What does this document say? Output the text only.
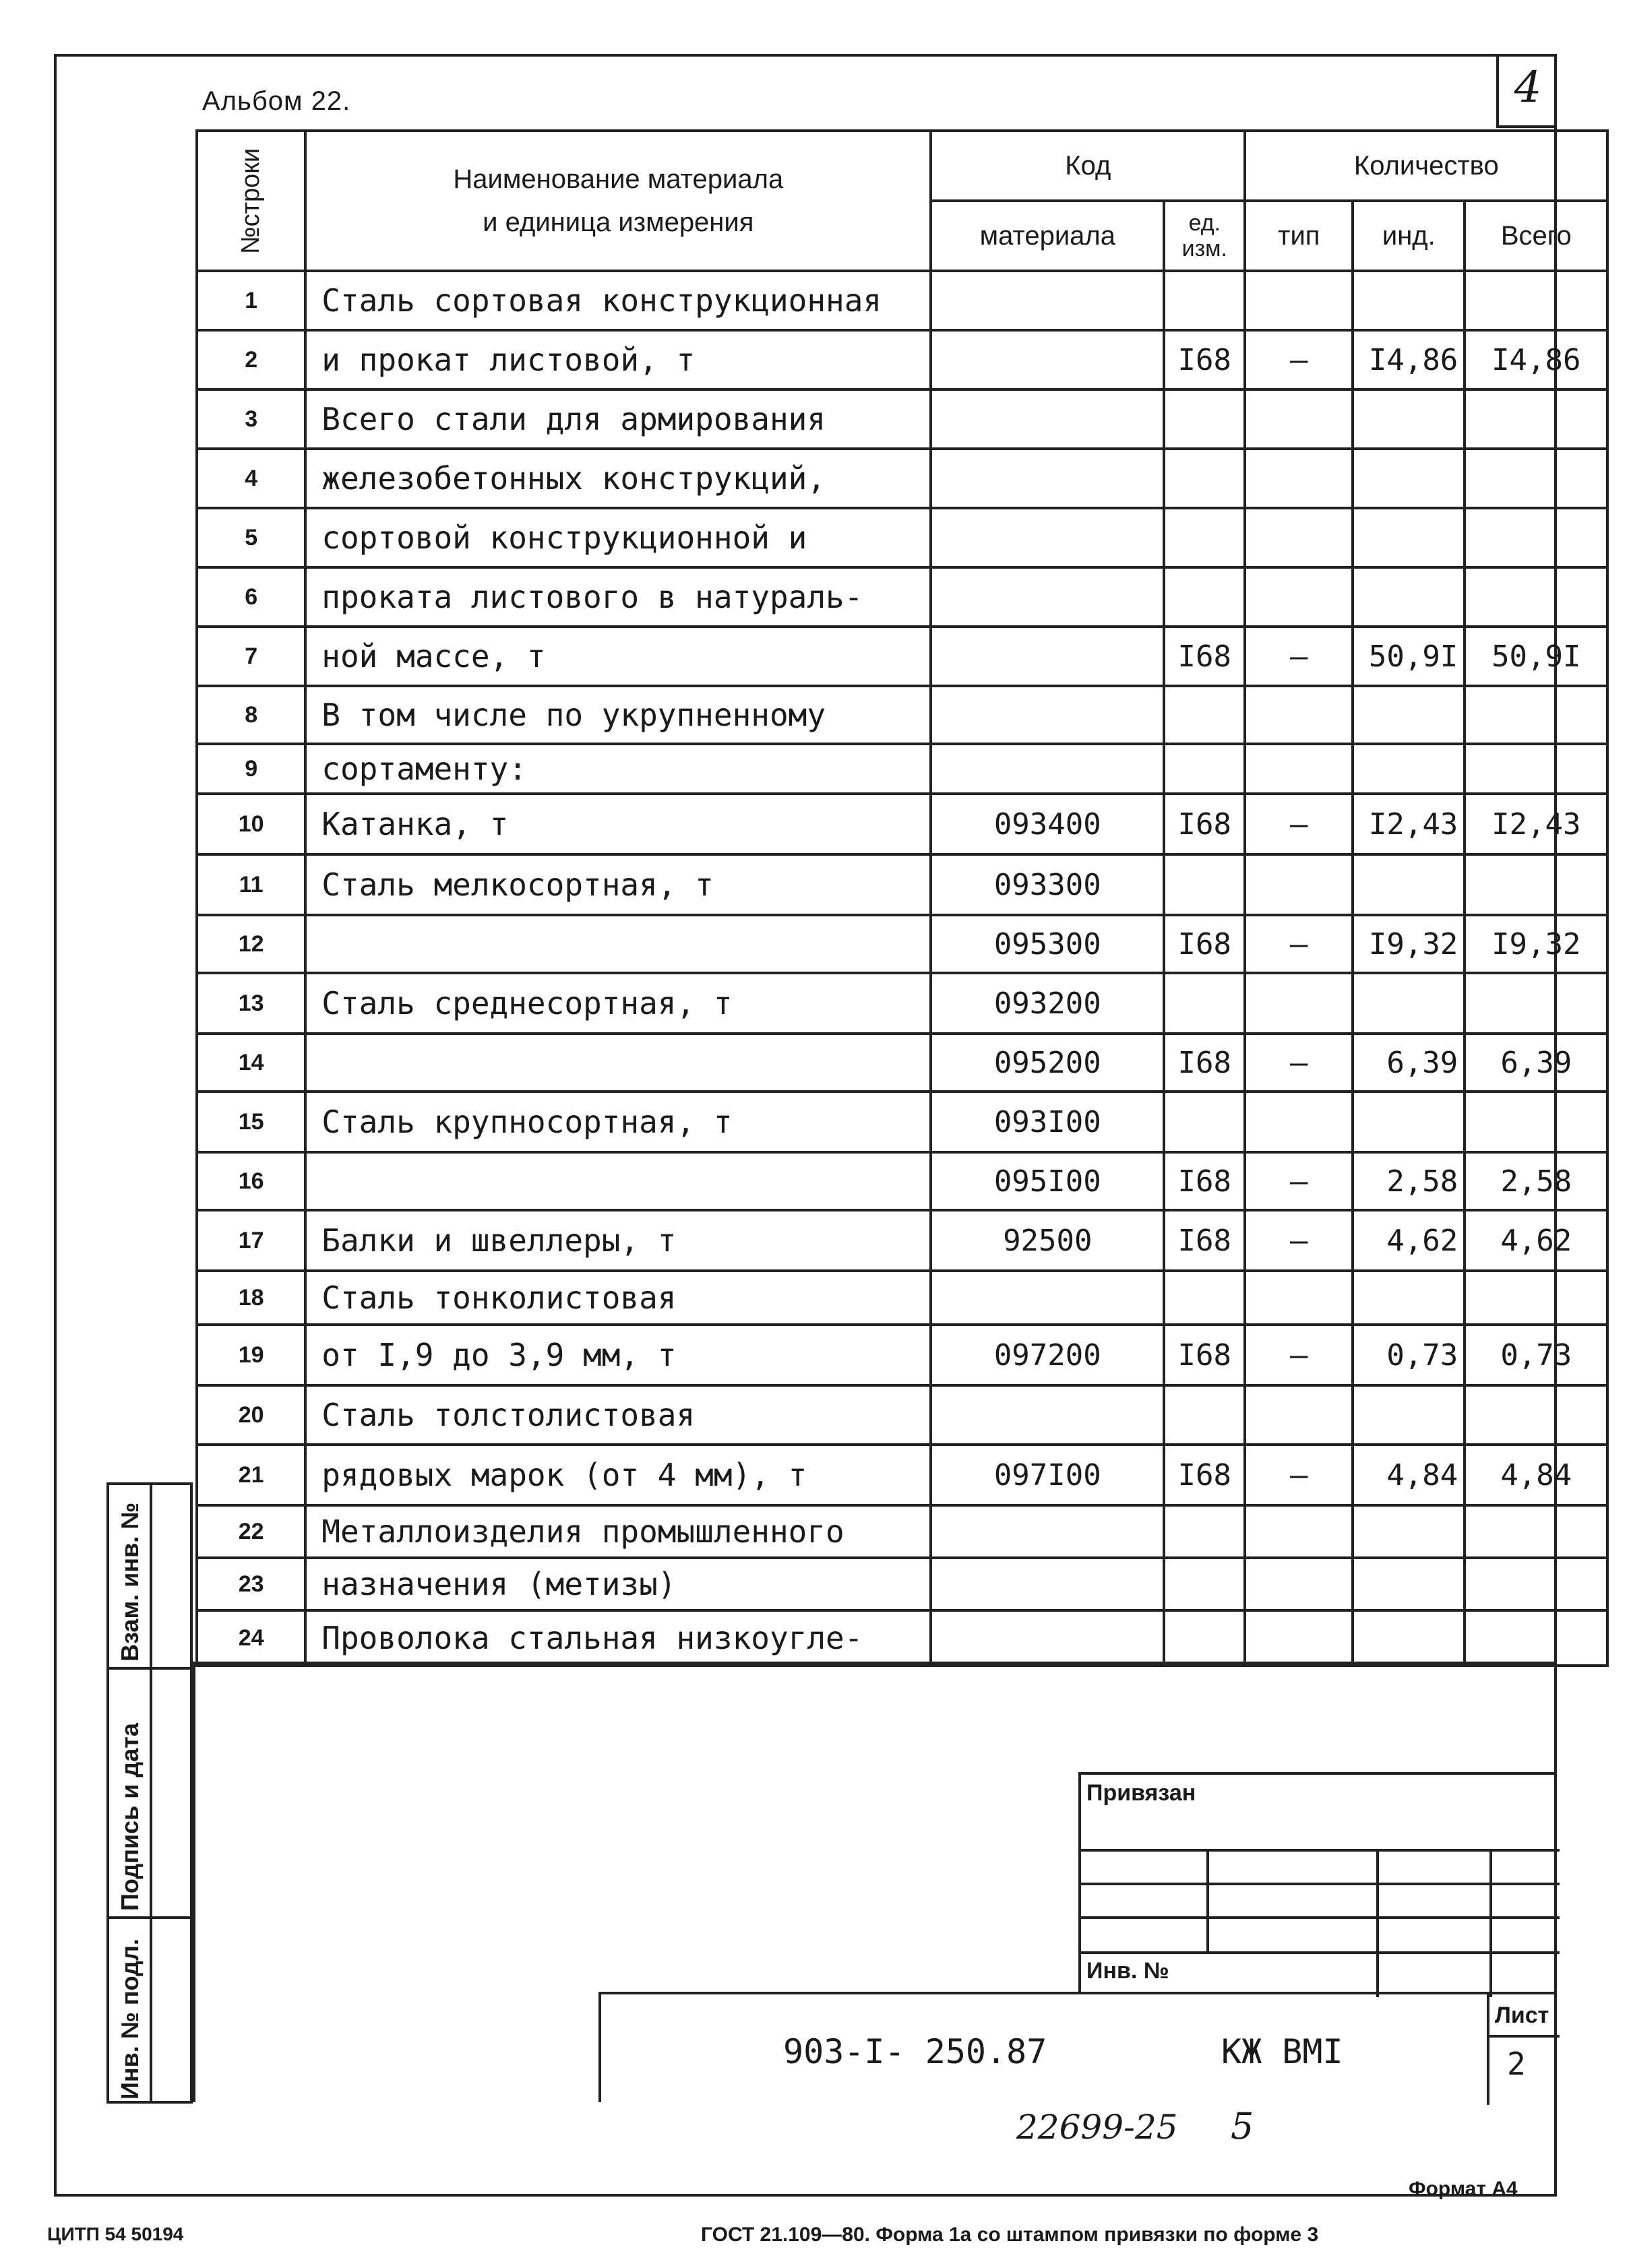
4
Альбом 22.
№строки	Наименование материала
и единица измерения	Код		Количество		
		материала	ед. изм.	тип	инд.	Всего
1	Сталь сортовая конструкционная					
2	и прокат листовой, т		I68	–	I4,86	I4,86
3	Всего стали для армирования					
4	железобетонных конструкций,					
5	сортовой конструкционной и					
6	проката листового в натураль-					
7	ной массе, т		I68	–	50,9I	50,9I
8	В том числе по укрупненному					
9	сортаменту:					
10	Катанка, т	093400	I68	–	I2,43	I2,43
11	Сталь мелкосортная, т	093300				
12		095300	I68	–	I9,32	I9,32
13	Сталь среднесортная, т	093200				
14		095200	I68	–	6,39	6,39
15	Сталь крупносортная, т	093I00				
16		095I00	I68	–	2,58	2,58
17	Балки и швеллеры, т	92500	I68	–	4,62	4,62
18	Сталь тонколистовая					
19	от I,9 до 3,9 мм, т	097200	I68	–	0,73	0,73
20	Сталь толстолистовая					
21	рядовых марок (от 4 мм), т	097I00	I68	–	4,84	4,84
22	Металлоизделия промышленного					
23	назначения (метизы)					
24	Проволока стальная низкоугле-					
Взам. инв. №
Подпись и дата
Инв. № подл.
Привязан
Инв. №
903-I- 250.87	КЖ ВМI
Лист
2
22699-25 5
Формат А4
ЦИТП 54 50194	ГОСТ 21.109—80. Форма 1а со штампом привязки по форме 3
